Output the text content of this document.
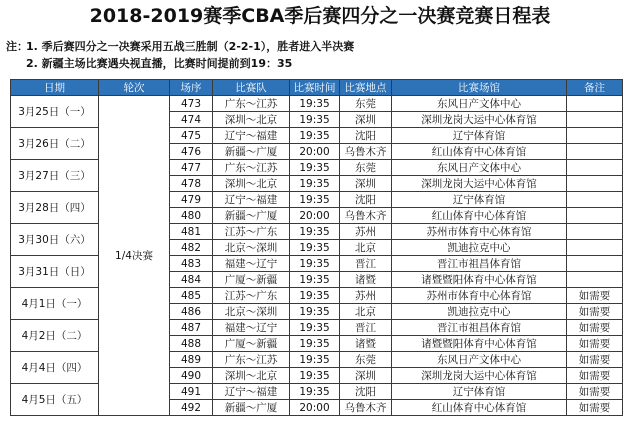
2018-2019赛季CBA季后赛四分之一决赛竞赛日程表
注：1. 季后赛四分之一决赛采用五战三胜制（2-2-1），胜者进入半决赛
2. 新疆主场比赛遇央视直播，比赛时间提前到19：35
日期	轮次	场序	比赛队	比赛时间	比赛地点	比赛场馆	备注
3月25日（一）	1/4决赛	473	广东～江苏	19:35	东莞	东风日产文体中心	
		474	深圳～北京	19:35	深圳	深圳龙岗大运中心体育馆	
3月26日（二）		475	辽宁～福建	19:35	沈阳	辽宁体育馆	
		476	新疆～广厦	20:00	乌鲁木齐	红山体育中心体育馆	
3月27日（三）		477	广东～江苏	19:35	东莞	东风日产文体中心	
		478	深圳～北京	19:35	深圳	深圳龙岗大运中心体育馆	
3月28日（四）		479	辽宁～福建	19:35	沈阳	辽宁体育馆	
		480	新疆～广厦	20:00	乌鲁木齐	红山体育中心体育馆	
3月30日（六）		481	江苏～广东	19:35	苏州	苏州市体育中心体育馆	
		482	北京～深圳	19:35	北京	凯迪拉克中心	
3月31日（日）		483	福建～辽宁	19:35	晋江	晋江市祖昌体育馆	
		484	广厦～新疆	19:35	诸暨	诸暨暨阳体育中心体育馆	
4月1日（一）		485	江苏～广东	19:35	苏州	苏州市体育中心体育馆	如需要
		486	北京～深圳	19:35	北京	凯迪拉克中心	如需要
4月2日（二）		487	福建～辽宁	19:35	晋江	晋江市祖昌体育馆	如需要
		488	广厦～新疆	19:35	诸暨	诸暨暨阳体育中心体育馆	如需要
4月4日（四）		489	广东～江苏	19:35	东莞	东风日产文体中心	如需要
		490	深圳～北京	19:35	深圳	深圳龙岗大运中心体育馆	如需要
4月5日（五）		491	辽宁～福建	19:35	沈阳	辽宁体育馆	如需要
		492	新疆～广厦	20:00	乌鲁木齐	红山体育中心体育馆	如需要
